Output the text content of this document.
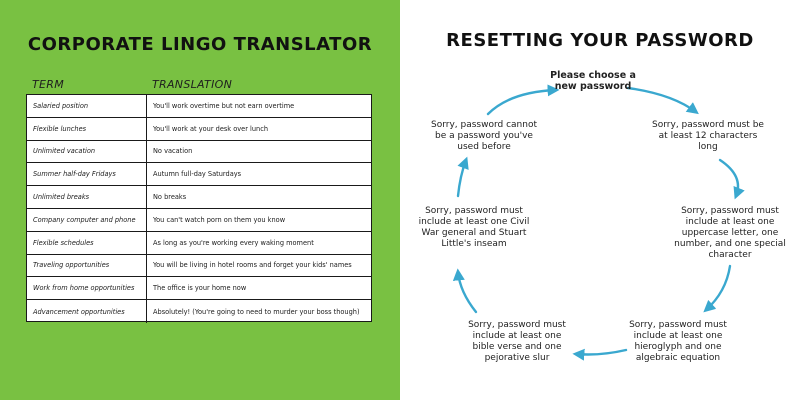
CORPORATE LINGO TRANSLATOR
TERM	TRANSLATION
Salaried position	You'll work overtime but not earn overtime
Flexible lunches	You'll work at your desk over lunch
Unlimited vacation	No vacation
Summer half-day Fridays	Autumn full-day Saturdays
Unlimited breaks	No breaks
Company computer and phone	You can't watch porn on them you know
Flexible schedules	As long as you're working every waking moment
Traveling opportunities	You will be living in hotel rooms and forget your kids' names
Work from home opportunities	The office is your home now
Advancement opportunities	Absolutely! (You're going to need to murder your boss though)
RESETTING YOUR PASSWORD
Please choose a new password
Sorry, password must be at least 12 characters long
Sorry, password must include at least one uppercase letter, one number, and one special character
Sorry, password must include at least one hieroglyph and one algebraic equation
Sorry, password must include at least one bible verse and one pejorative slur
Sorry, password must include at least one Civil War general and Stuart Little's inseam
Sorry, password cannot be a password you've used before
